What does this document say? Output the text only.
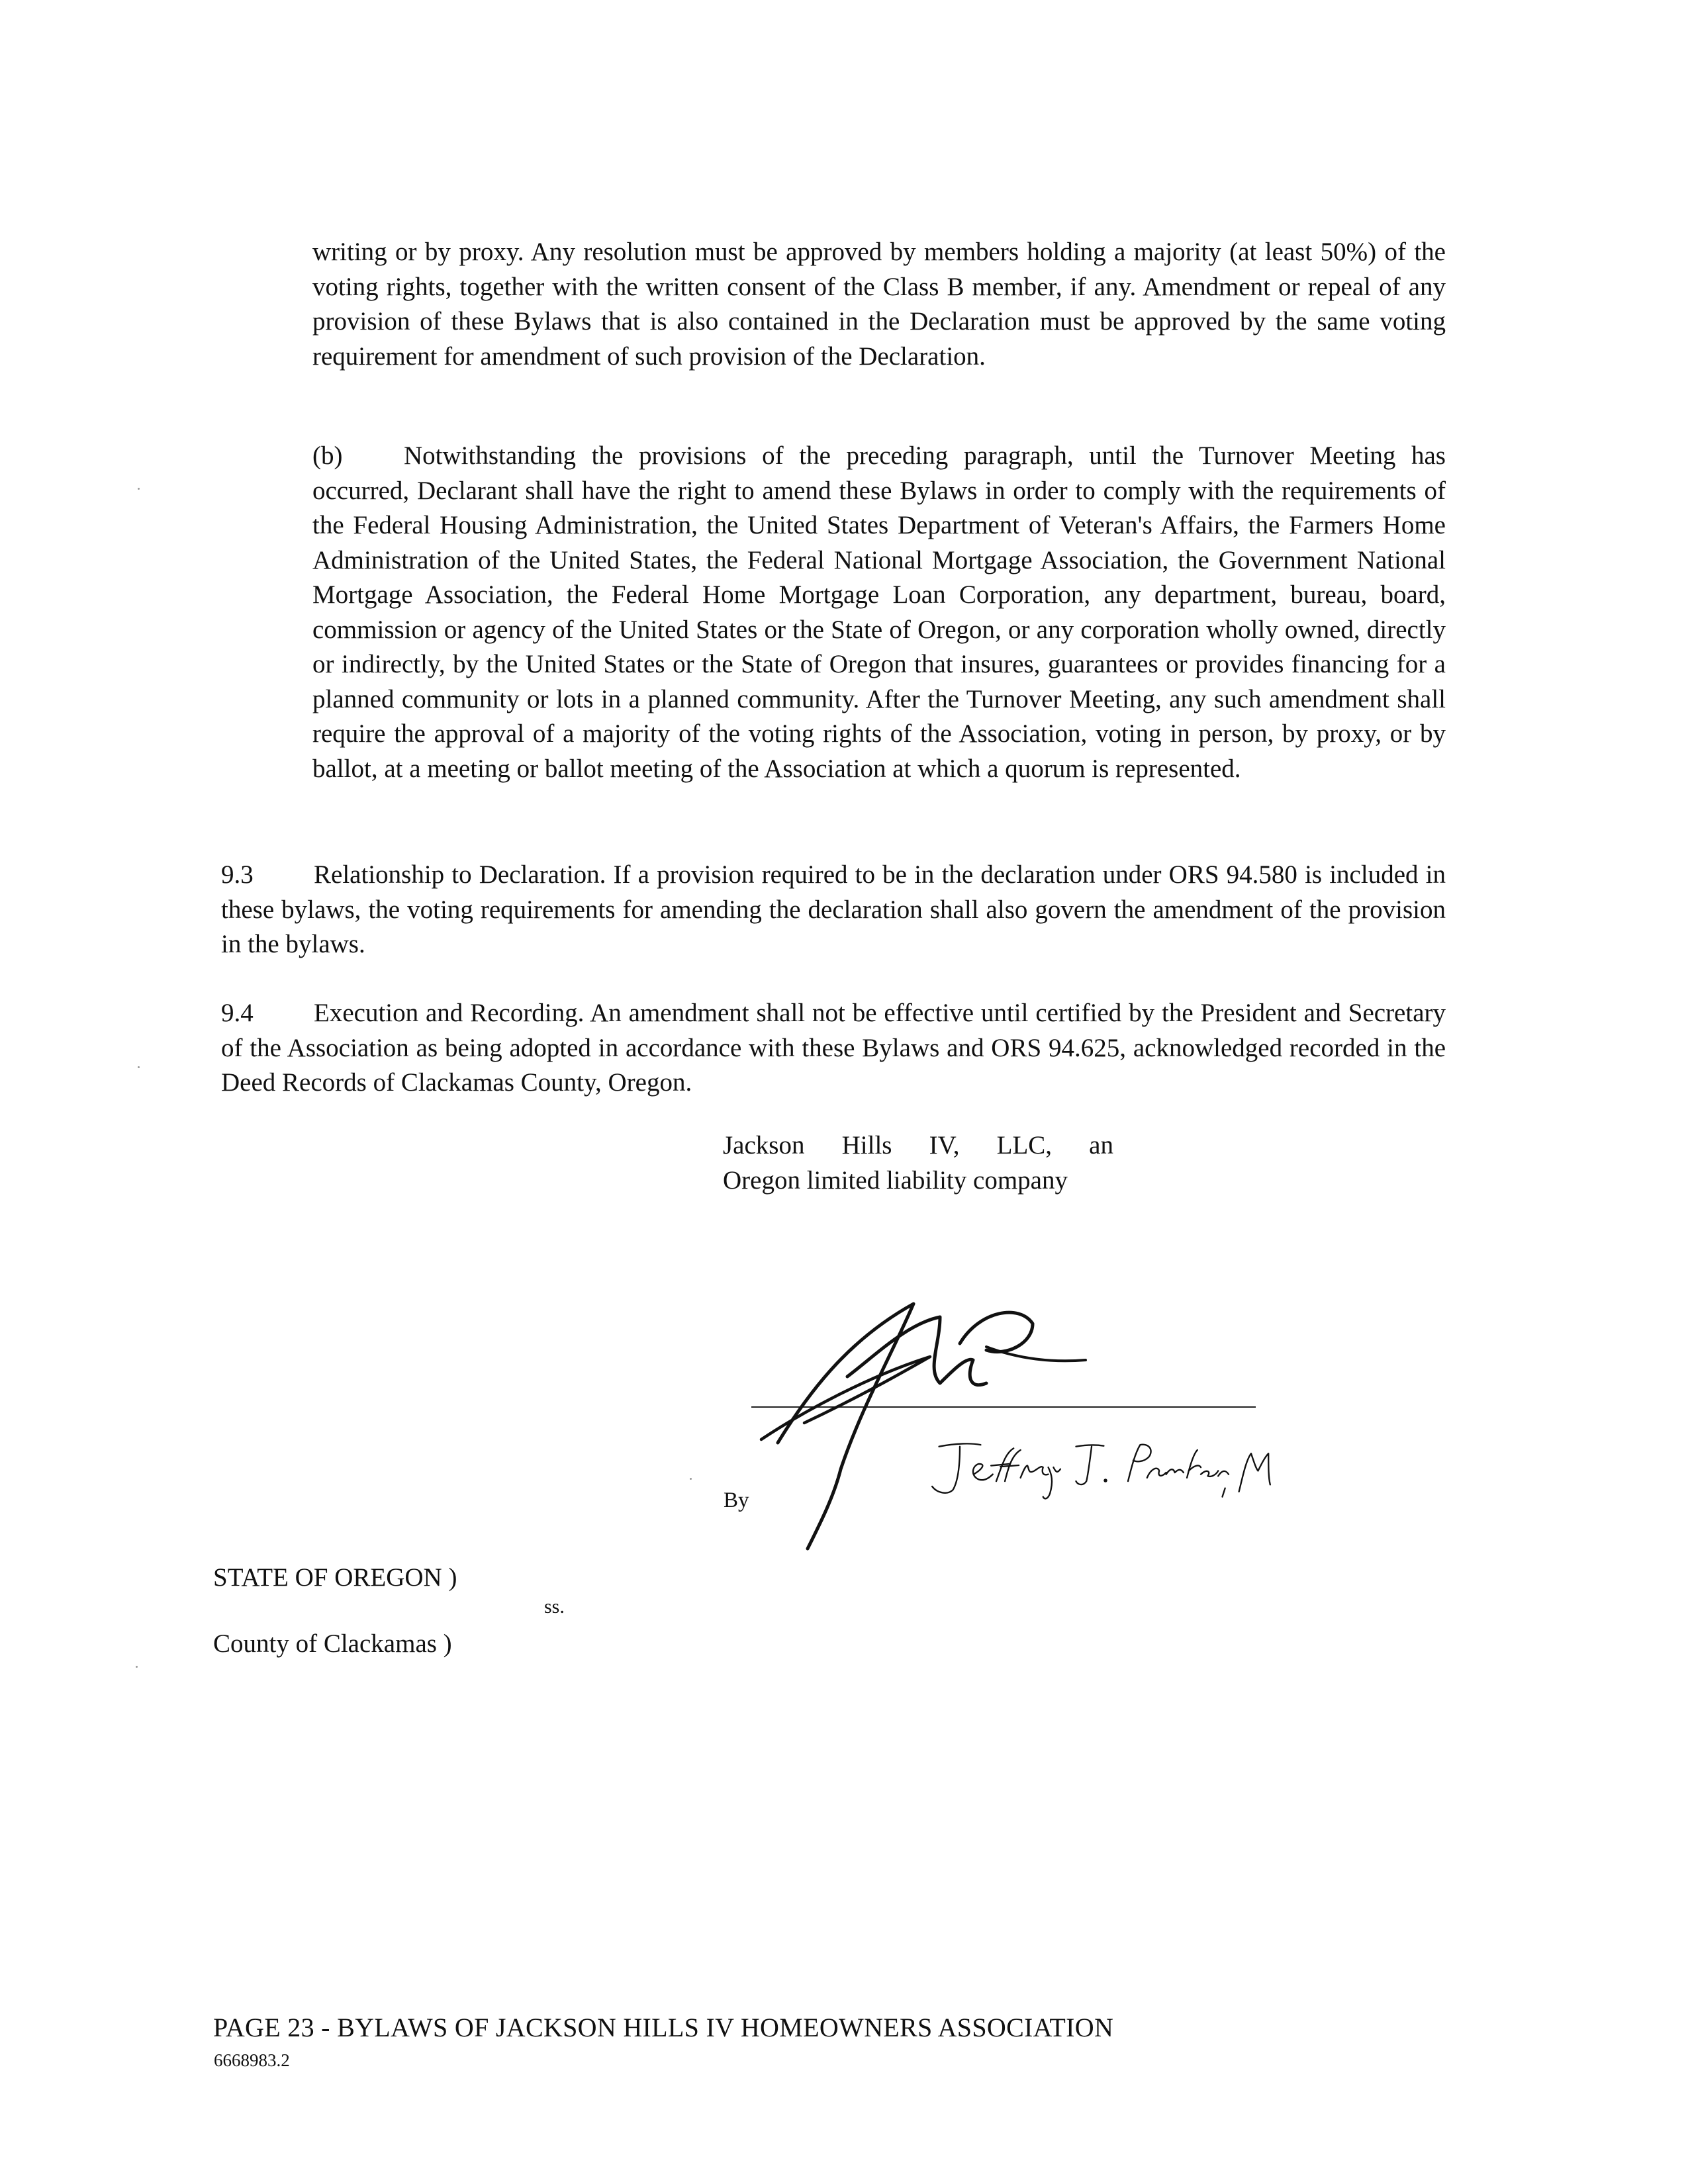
writing or by proxy. Any resolution must be approved by members holding a majority (at least 50%) of the voting rights, together with the written consent of the Class B member, if any. Amendment or repeal of any provision of these Bylaws that is also contained in the Declaration must be approved by the same voting requirement for amendment of such provision of the Declaration.

(b) Notwithstanding the provisions of the preceding paragraph, until the Turnover Meeting has occurred, Declarant shall have the right to amend these Bylaws in order to comply with the requirements of the Federal Housing Administration, the United States Department of Veteran's Affairs, the Farmers Home Administration of the United States, the Federal National Mortgage Association, the Government National Mortgage Association, the Federal Home Mortgage Loan Corporation, any department, bureau, board, commission or agency of the United States or the State of Oregon, or any corporation wholly owned, directly or indirectly, by the United States or the State of Oregon that insures, guarantees or provides financing for a planned community or lots in a planned community. After the Turnover Meeting, any such amendment shall require the approval of a majority of the voting rights of the Association, voting in person, by proxy, or by ballot, at a meeting or ballot meeting of the Association at which a quorum is represented.

9.3 Relationship to Declaration. If a provision required to be in the declaration under ORS 94.580 is included in these bylaws, the voting requirements for amending the declaration shall also govern the amendment of the provision in the bylaws.

9.4 Execution and Recording. An amendment shall not be effective until certified by the President and Secretary of the Association as being adopted in accordance with these Bylaws and ORS 94.625, acknowledged recorded in the Deed Records of Clackamas County, Oregon.

Jackson Hills IV, LLC, an
Oregon limited liability company
By
STATE OF OREGON )
ss.
County of Clackamas )
PAGE 23 - BYLAWS OF JACKSON HILLS IV HOMEOWNERS ASSOCIATION
6668983.2
